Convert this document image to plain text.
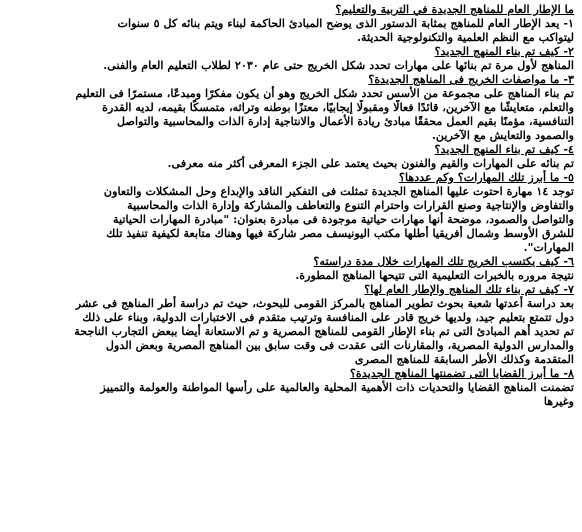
ما الإطار العام للمناهج الجديدة في التربية والتعليم؟
١- يعد الإطار العام للمناهج بمثابة الدستور الذى يوضح المبادئ الحاكمة لبناء ويتم بنائه كل ٥ سنوات
ليتواكب مع النظم العلمية والتكنولوجية الحديثة.
٢- كيف تم بناء المنهج الجديد؟
المناهج لأول مرة تم بنائها على مهارات تحدد شكل الخريج حتى عام ٢٠٣٠ لطلاب التعليم العام والفنى.
٣- ما مواصفات الخريج فى المناهج الجديدة؟
تم بناء المناهج على مجموعة من الأسس تحدد شكل الخريج وهو أن يكون مفكرًا ومبدعًا، مستمرًا فى التعليم
والتعلم، متعايشًا مع الآخرين، قائدًا فعالًا ومقبولًا إيجابيًا، معتزًا بوطنه وتراثه، متمسكًا بقيمه، لديه القدرة
التنافسية، مؤمنًا بقيم العمل محققًا مبادئ ريادة الأعمال والانتاجية إدارة الذات والمحاسبية والتواصل
والصمود والتعايش مع الآخرين.
٤- كيف تم بناء المنهج الجديد؟
تم بنائه على المهارات والقيم والفنون بحيث يعتمد على الجزء المعرفى أكثر منه معرفى.
٥- ما أبرز تلك المهارات؟ وكم عددها؟
توجد ١٤ مهارة احتوت عليها المناهج الجديدة تمثلت فى التفكير الناقد والإبداع وحل المشكلات والتعاون
والتفاوض والإنتاجية وصنع القرارات واحترام التنوع والتعاطف والمشاركة وإدارة الذات والمحاسبية
والتواصل والصمود، موضحة أنها مهارات حياتية موجودة فى مبادرة بعنوان: "مبادرة المهارات الحياتية
للشرق الأوسط وشمال أفريقيا أطلها مكتب اليونيسف مصر شاركة فيها وهناك متابعة لكيفية تنفيذ تلك
المهارات".
٦- كيف يكتسب الخريج تلك المهارات خلال مدة دراسته؟
نتيجة مروره بالخبرات التعليمية التى تتيحها المناهج المطورة.
٧- كيف تم بناء تلك المناهج والإطار العام لها؟
بعد دراسة أعدتها شعبة بحوث تطوير المناهج بالمركز القومى للبحوث، حيث تم دراسة أطر المناهج فى عشر
دول تتمتع بتعليم جيد، ولديها خريج قادر على المنافسة وترتيب متقدم فى الاختبارات الدولية، وبناء على ذلك
تم تحديد أهم المبادئ التى تم بناء الإطار القومى للمناهج المصرية و تم الاستعانة أيضا ببعض التجارب الناجحة
والمدارس الدولية المصرية، والمقارنات التى عقدت فى وقت سابق بين المناهج المصرية وبعض الدول
المتقدمة وكذلك الأطر السابقة للمناهج المصرى
٨- ما أبرز القضايا التى تضمنتها المناهج الجديدة؟
تضمنت المناهج القضايا والتحديات ذات الأهمية المحلية والعالمية على رأسها المواطنة والعولمة والتمييز
وغيرها
